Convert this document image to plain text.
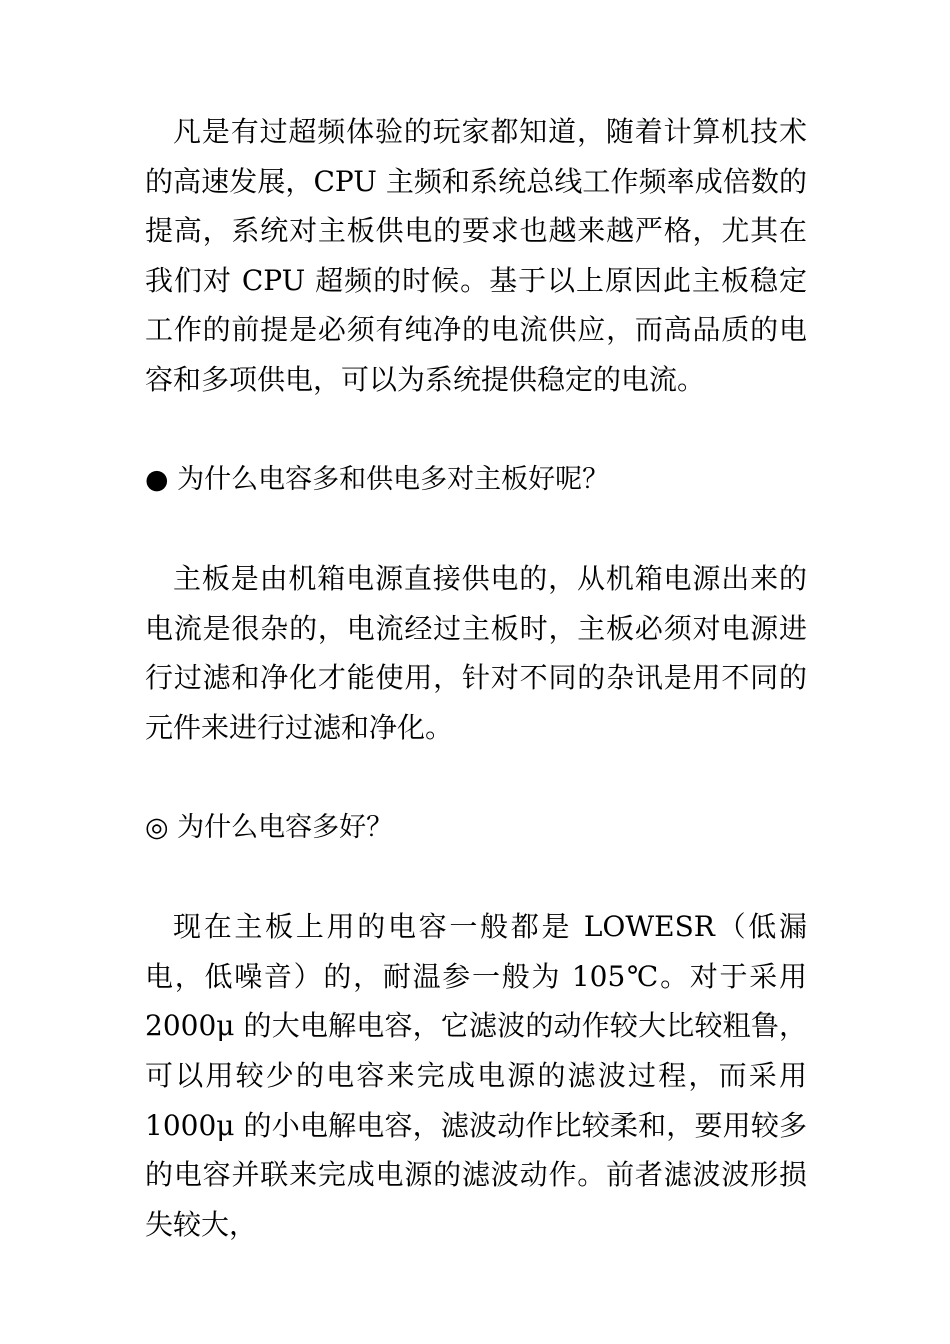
凡是有过超频体验的玩家都知道，随着计算机技术的高速发展，CPU 主频和系统总线工作频率成倍数的提高，系统对主板供电的要求也越来越严格，尤其在我们对 CPU 超频的时候。基于以上原因此主板稳定工作的前提是必须有纯净的电流供应，而高品质的电容和多项供电，可以为系统提供稳定的电流。

● 为什么电容多和供电多对主板好呢？

主板是由机箱电源直接供电的，从机箱电源出来的电流是很杂的，电流经过主板时，主板必须对电源进行过滤和净化才能使用，针对不同的杂讯是用不同的元件来进行过滤和净化。

◎ 为什么电容多好？

现在主板上用的电容一般都是 LOWESR（低漏电，低噪音）的，耐温参一般为 105℃。对于采用 2000μ 的大电解电容，它滤波的动作较大比较粗鲁，可以用较少的电容来完成电源的滤波过程，而采用 1000μ 的小电解电容，滤波动作比较柔和，要用较多的电容并联来完成电源的滤波动作。前者滤波波形损失较大，
